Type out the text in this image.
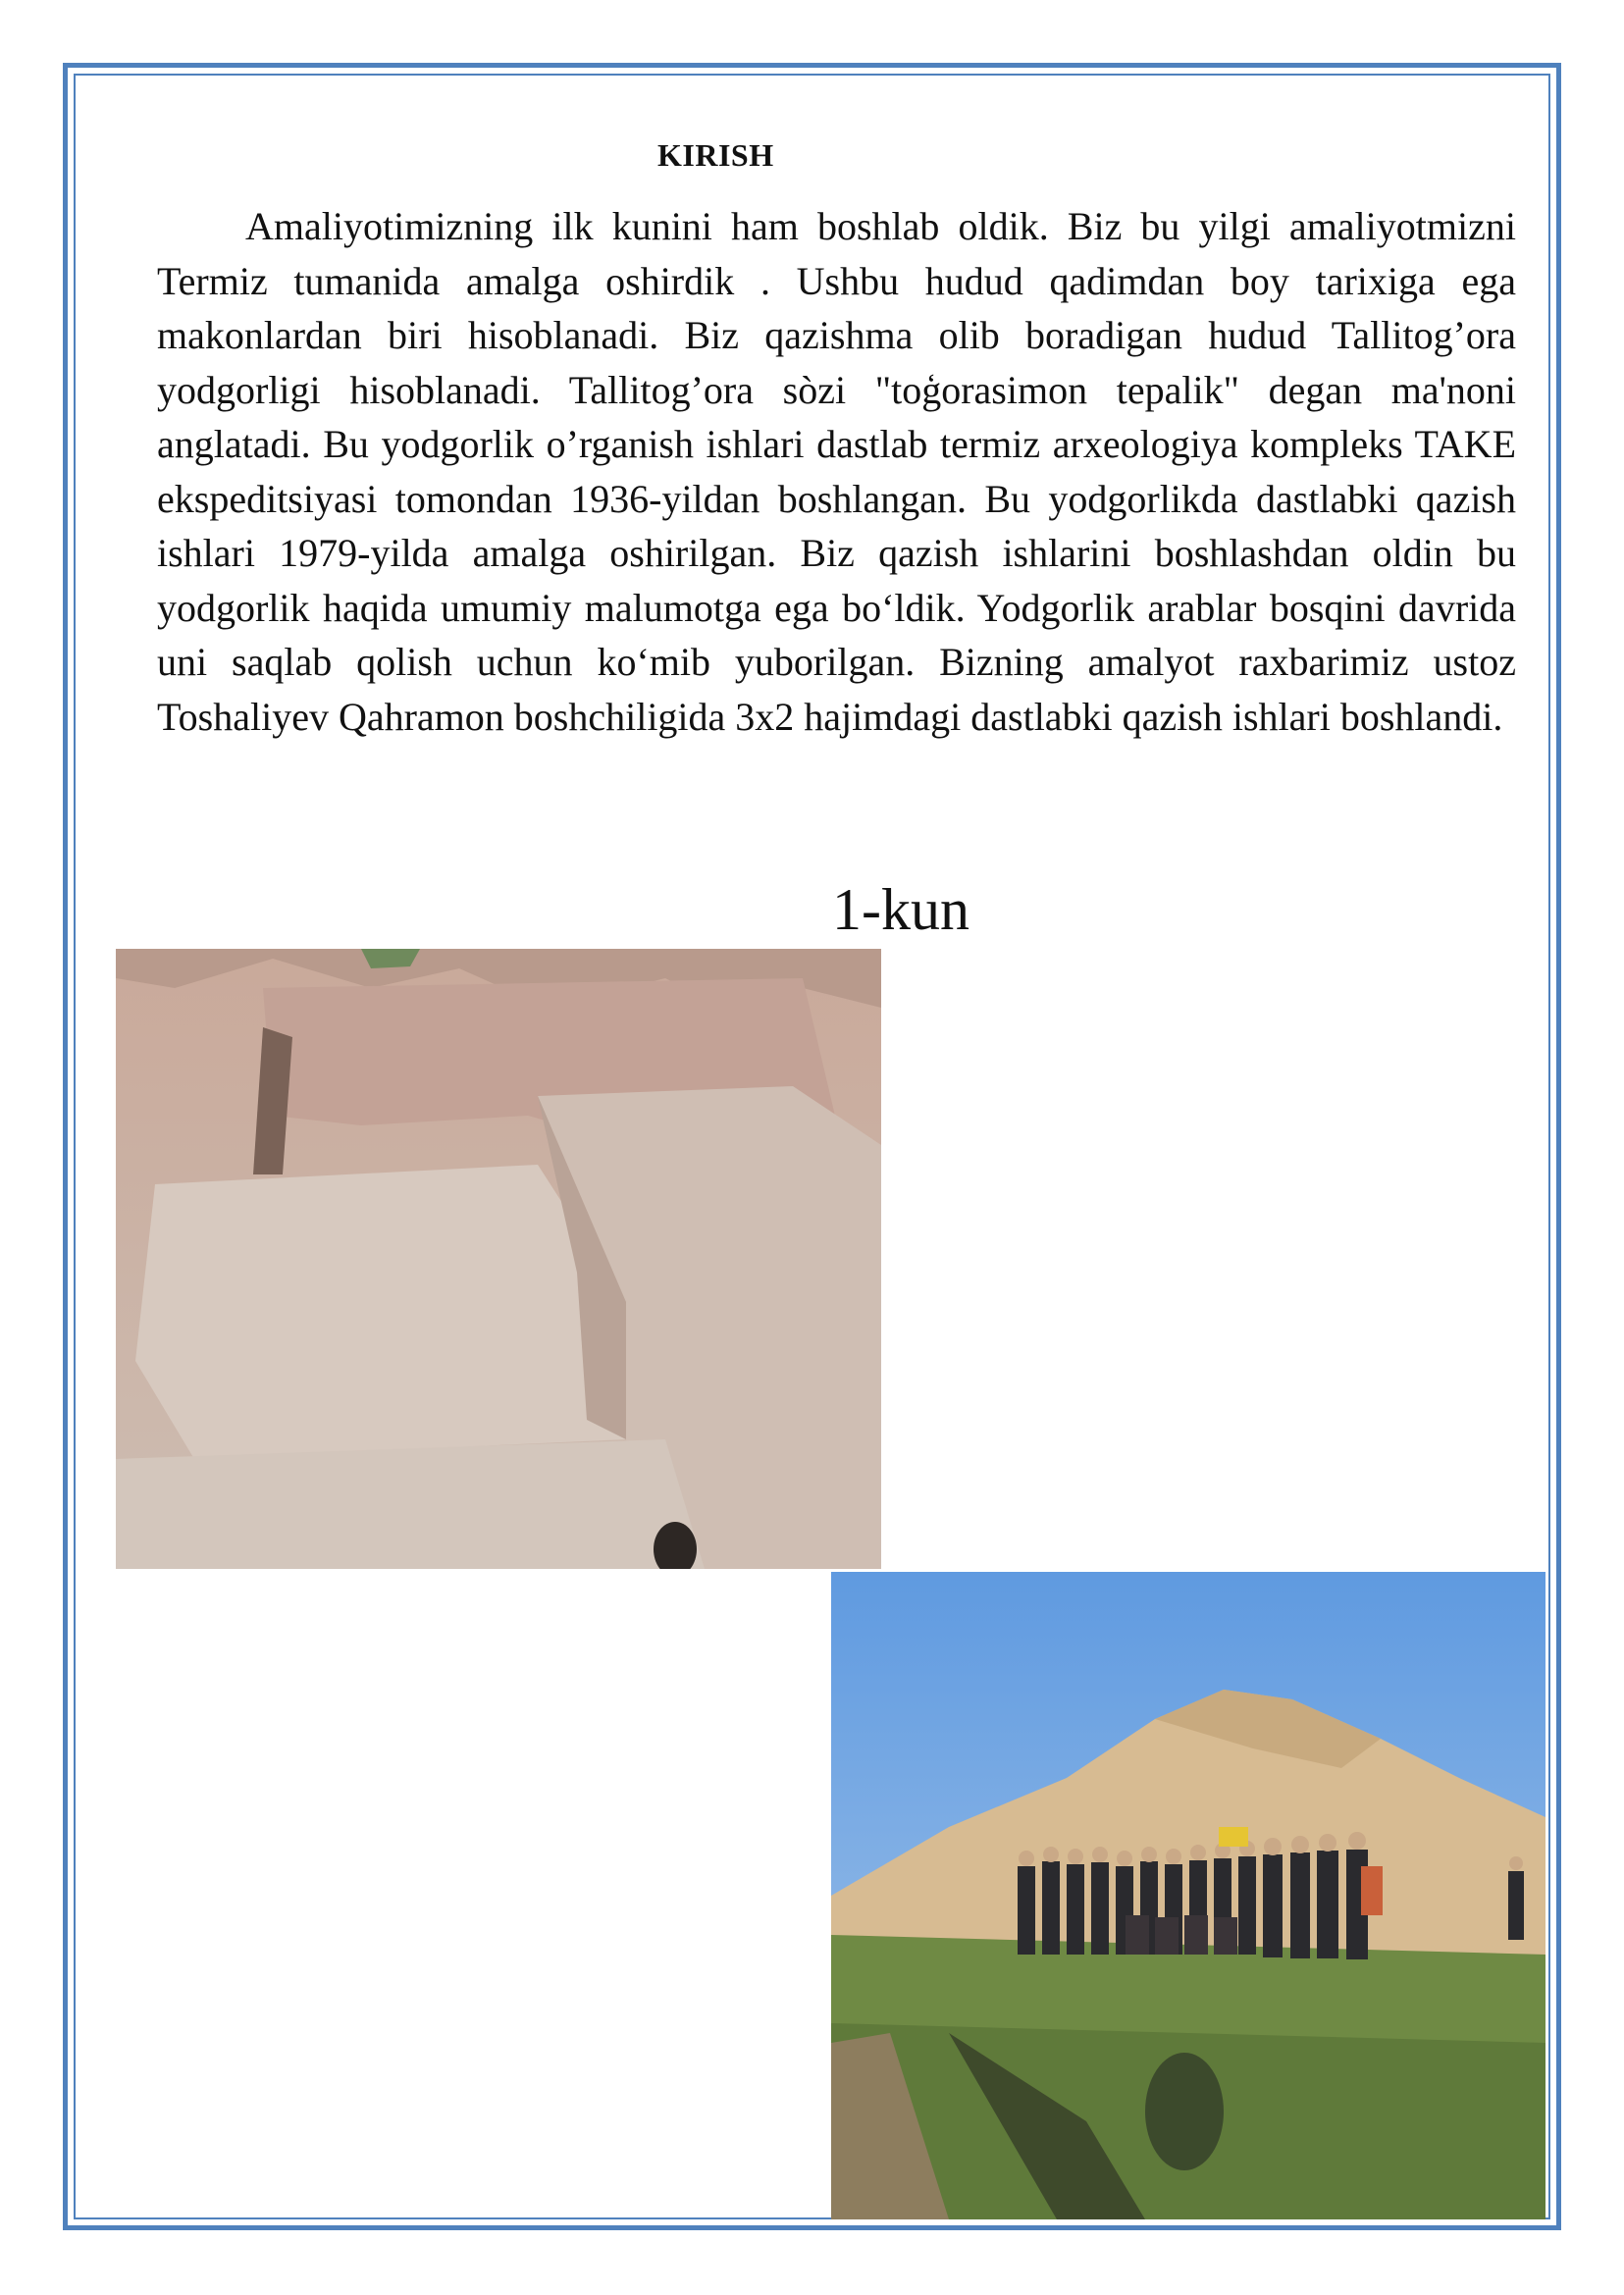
KIRISH

Amaliyotimizning ilk kunini ham boshlab oldik. Biz bu yilgi amaliyotmizni Termiz tumanida amalga oshirdik . Ushbu hudud qadimdan boy tarixiga ega makonlardan biri hisoblanadi. Biz qazishma olib boradigan hudud Tallitog’ora yodgorligi hisoblanadi. Tallitog’ora sòzi "toģorasimon tepalik" degan ma'noni anglatadi. Bu yodgorlik o’rganish ishlari dastlab termiz arxeologiya kompleks TAKE ekspeditsiyasi tomondan 1936-yildan boshlangan. Bu yodgorlikda dastlabki qazish ishlari 1979-yilda amalga oshirilgan. Biz qazish ishlarini boshlashdan oldin bu yodgorlik haqida umumiy malumotga ega bo‘ldik. Yodgorlik arablar bosqini davrida uni saqlab qolish uchun ko‘mib yuborilgan. Bizning amalyot raxbarimiz ustoz Toshaliyev Qahramon boshchiligida 3x2 hajimdagi dastlabki qazish ishlari boshlandi.

1-kun
